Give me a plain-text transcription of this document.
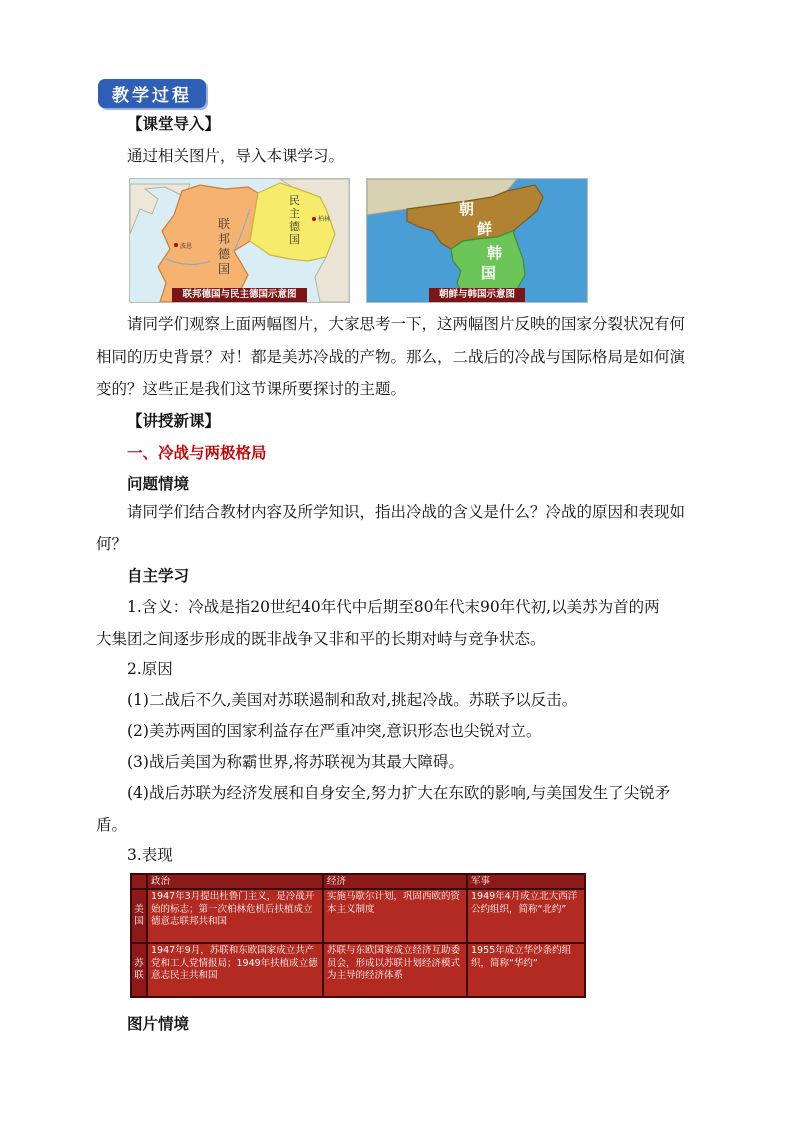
教学过程
【课堂导入】
通过相关图片，导入本课学习。
联
邦
德
国
民
主
德
国
柏林
波恩
联邦德国与民主德国示意图
朝
鲜
韩
国
朝鲜与韩国示意图
请同学们观察上面两幅图片，大家思考一下，这两幅图片反映的国家分裂状况有何
相同的历史背景？对！都是美苏冷战的产物。那么，二战后的冷战与国际格局是如何演
变的？这些正是我们这节课所要探讨的主题。
【讲授新课】
一、冷战与两极格局
问题情境
请同学们结合教材内容及所学知识，指出冷战的含义是什么？冷战的原因和表现如
何？
自主学习
1.含义：冷战是指20世纪40年代中后期至80年代末90年代初,以美苏为首的两
大集团之间逐步形成的既非战争又非和平的长期对峙与竞争状态。
2.原因
(1)二战后不久,美国对苏联遏制和敌对,挑起冷战。苏联予以反击。
(2)美苏两国的国家利益存在严重冲突,意识形态也尖锐对立。
(3)战后美国为称霸世界,将苏联视为其最大障碍。
(4)战后苏联为经济发展和自身安全,努力扩大在东欧的影响,与美国发生了尖锐矛
盾。
3.表现
	政治	经济	军事
美国	1947年3月提出杜鲁门主义，是冷战开始的标志；第一次柏林危机后扶植成立德意志联邦共和国	实施马歇尔计划，巩固西欧的资本主义制度	1949年4月成立北大西洋公约组织，简称“北约”
苏联	1947年9月，苏联和东欧国家成立共产党和工人党情报局；1949年扶植成立德意志民主共和国	苏联与东欧国家成立经济互助委员会，形成以苏联计划经济模式为主导的经济体系	1955年成立华沙条约组织，简称“华约”
图片情境
